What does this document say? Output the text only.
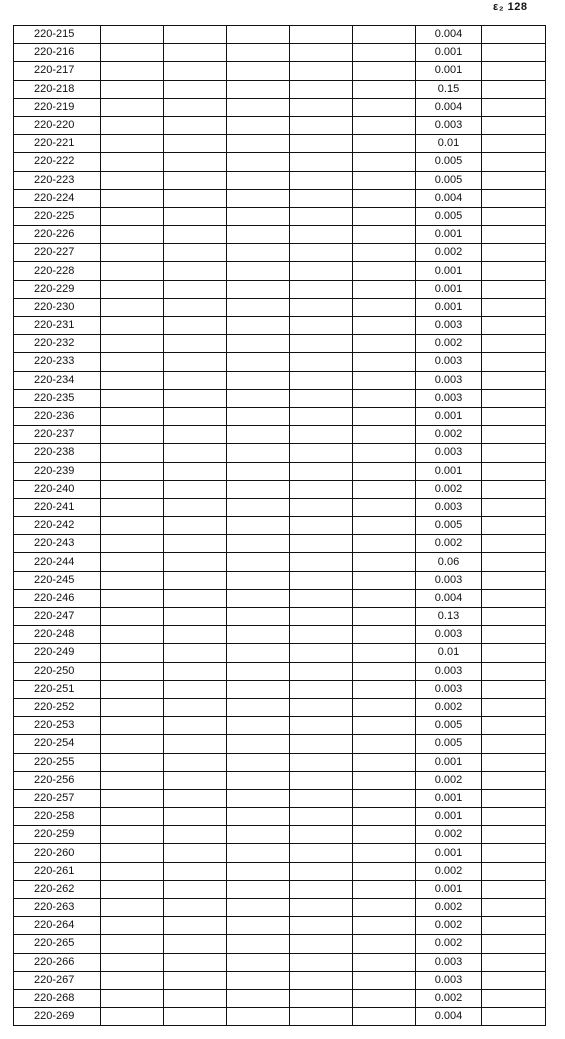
ε₂ 128
220-215						0.004	
220-216						0.001	
220-217						0.001	
220-218						0.15	
220-219						0.004	
220-220						0.003	
220-221						0.01	
220-222						0.005	
220-223						0.005	
220-224						0.004	
220-225						0.005	
220-226						0.001	
220-227						0.002	
220-228						0.001	
220-229						0.001	
220-230						0.001	
220-231						0.003	
220-232						0.002	
220-233						0.003	
220-234						0.003	
220-235						0.003	
220-236						0.001	
220-237						0.002	
220-238						0.003	
220-239						0.001	
220-240						0.002	
220-241						0.003	
220-242						0.005	
220-243						0.002	
220-244						0.06	
220-245						0.003	
220-246						0.004	
220-247						0.13	
220-248						0.003	
220-249						0.01	
220-250						0.003	
220-251						0.003	
220-252						0.002	
220-253						0.005	
220-254						0.005	
220-255						0.001	
220-256						0.002	
220-257						0.001	
220-258						0.001	
220-259						0.002	
220-260						0.001	
220-261						0.002	
220-262						0.001	
220-263						0.002	
220-264						0.002	
220-265						0.002	
220-266						0.003	
220-267						0.003	
220-268						0.002	
220-269						0.004	
